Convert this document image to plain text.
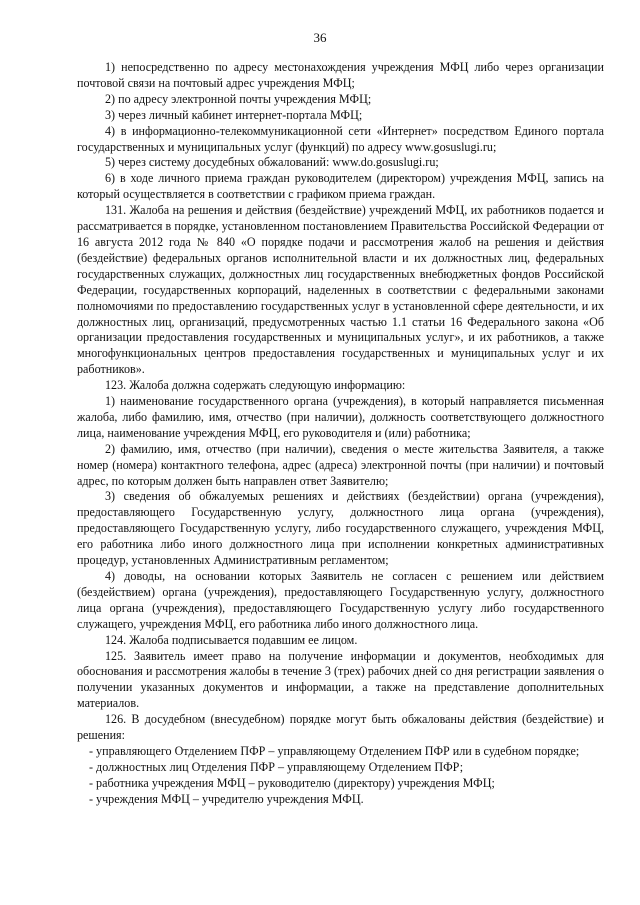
36

1) непосредственно по адресу местонахождения учреждения МФЦ либо через организации почтовой связи на почтовый адрес учреждения МФЦ;

2) по адресу электронной почты учреждения МФЦ;

3) через личный кабинет интернет-портала МФЦ;

4) в информационно-телекоммуникационной сети «Интернет» посредством Единого портала государственных и муниципальных услуг (функций) по адресу www.gosuslugi.ru;

5) через систему досудебных обжалований: www.do.gosuslugi.ru;

6) в ходе личного приема граждан руководителем (директором) учреждения МФЦ, запись на который осуществляется в соответствии с графиком приема граждан.

131. Жалоба на решения и действия (бездействие) учреждений МФЦ, их работников подается и рассматривается в порядке, установленном постановлением Правительства Российской Федерации от 16 августа 2012 года № 840 «О порядке подачи и рассмотрения жалоб на решения и действия (бездействие) федеральных органов исполнительной власти и их должностных лиц, федеральных государственных служащих, должностных лиц государственных внебюджетных фондов Российской Федерации, государственных корпораций, наделенных в соответствии с федеральными законами полномочиями по предоставлению государственных услуг в установленной сфере деятельности, и их должностных лиц, организаций, предусмотренных частью 1.1 статьи 16 Федерального закона «Об организации предоставления государственных и муниципальных услуг», и их работников, а также многофункциональных центров предоставления государственных и муниципальных услуг и их работников».

123. Жалоба должна содержать следующую информацию:

1) наименование государственного органа (учреждения), в который направляется письменная жалоба, либо фамилию, имя, отчество (при наличии), должность соответствующего должностного лица, наименование учреждения МФЦ, его руководителя и (или) работника;

2) фамилию, имя, отчество (при наличии), сведения о месте жительства Заявителя, а также номер (номера) контактного телефона, адрес (адреса) электронной почты (при наличии) и почтовый адрес, по которым должен быть направлен ответ Заявителю;

3) сведения об обжалуемых решениях и действиях (бездействии) органа (учреждения), предоставляющего Государственную услугу, должностного лица органа (учреждения), предоставляющего Государственную услугу, либо государственного служащего, учреждения МФЦ, его работника либо иного должностного лица при исполнении конкретных административных процедур, установленных Административным регламентом;

4) доводы, на основании которых Заявитель не согласен с решением или действием (бездействием) органа (учреждения), предоставляющего Государственную услугу, должностного лица органа (учреждения), предоставляющего Государственную услугу либо государственного служащего, учреждения МФЦ, его работника либо иного должностного лица.

124. Жалоба подписывается подавшим ее лицом.

125. Заявитель имеет право на получение информации и документов, необходимых для обоснования и рассмотрения жалобы в течение 3 (трех) рабочих дней со дня регистрации заявления о получении указанных документов и информации, а также на представление дополнительных материалов.

126. В досудебном (внесудебном) порядке могут быть обжалованы действия (бездействие) и решения:

- управляющего Отделением ПФР – управляющему Отделением ПФР или в судебном порядке;

- должностных лиц Отделения ПФР – управляющему Отделением ПФР;

- работника учреждения МФЦ – руководителю (директору) учреждения МФЦ;

- учреждения МФЦ – учредителю учреждения МФЦ.
